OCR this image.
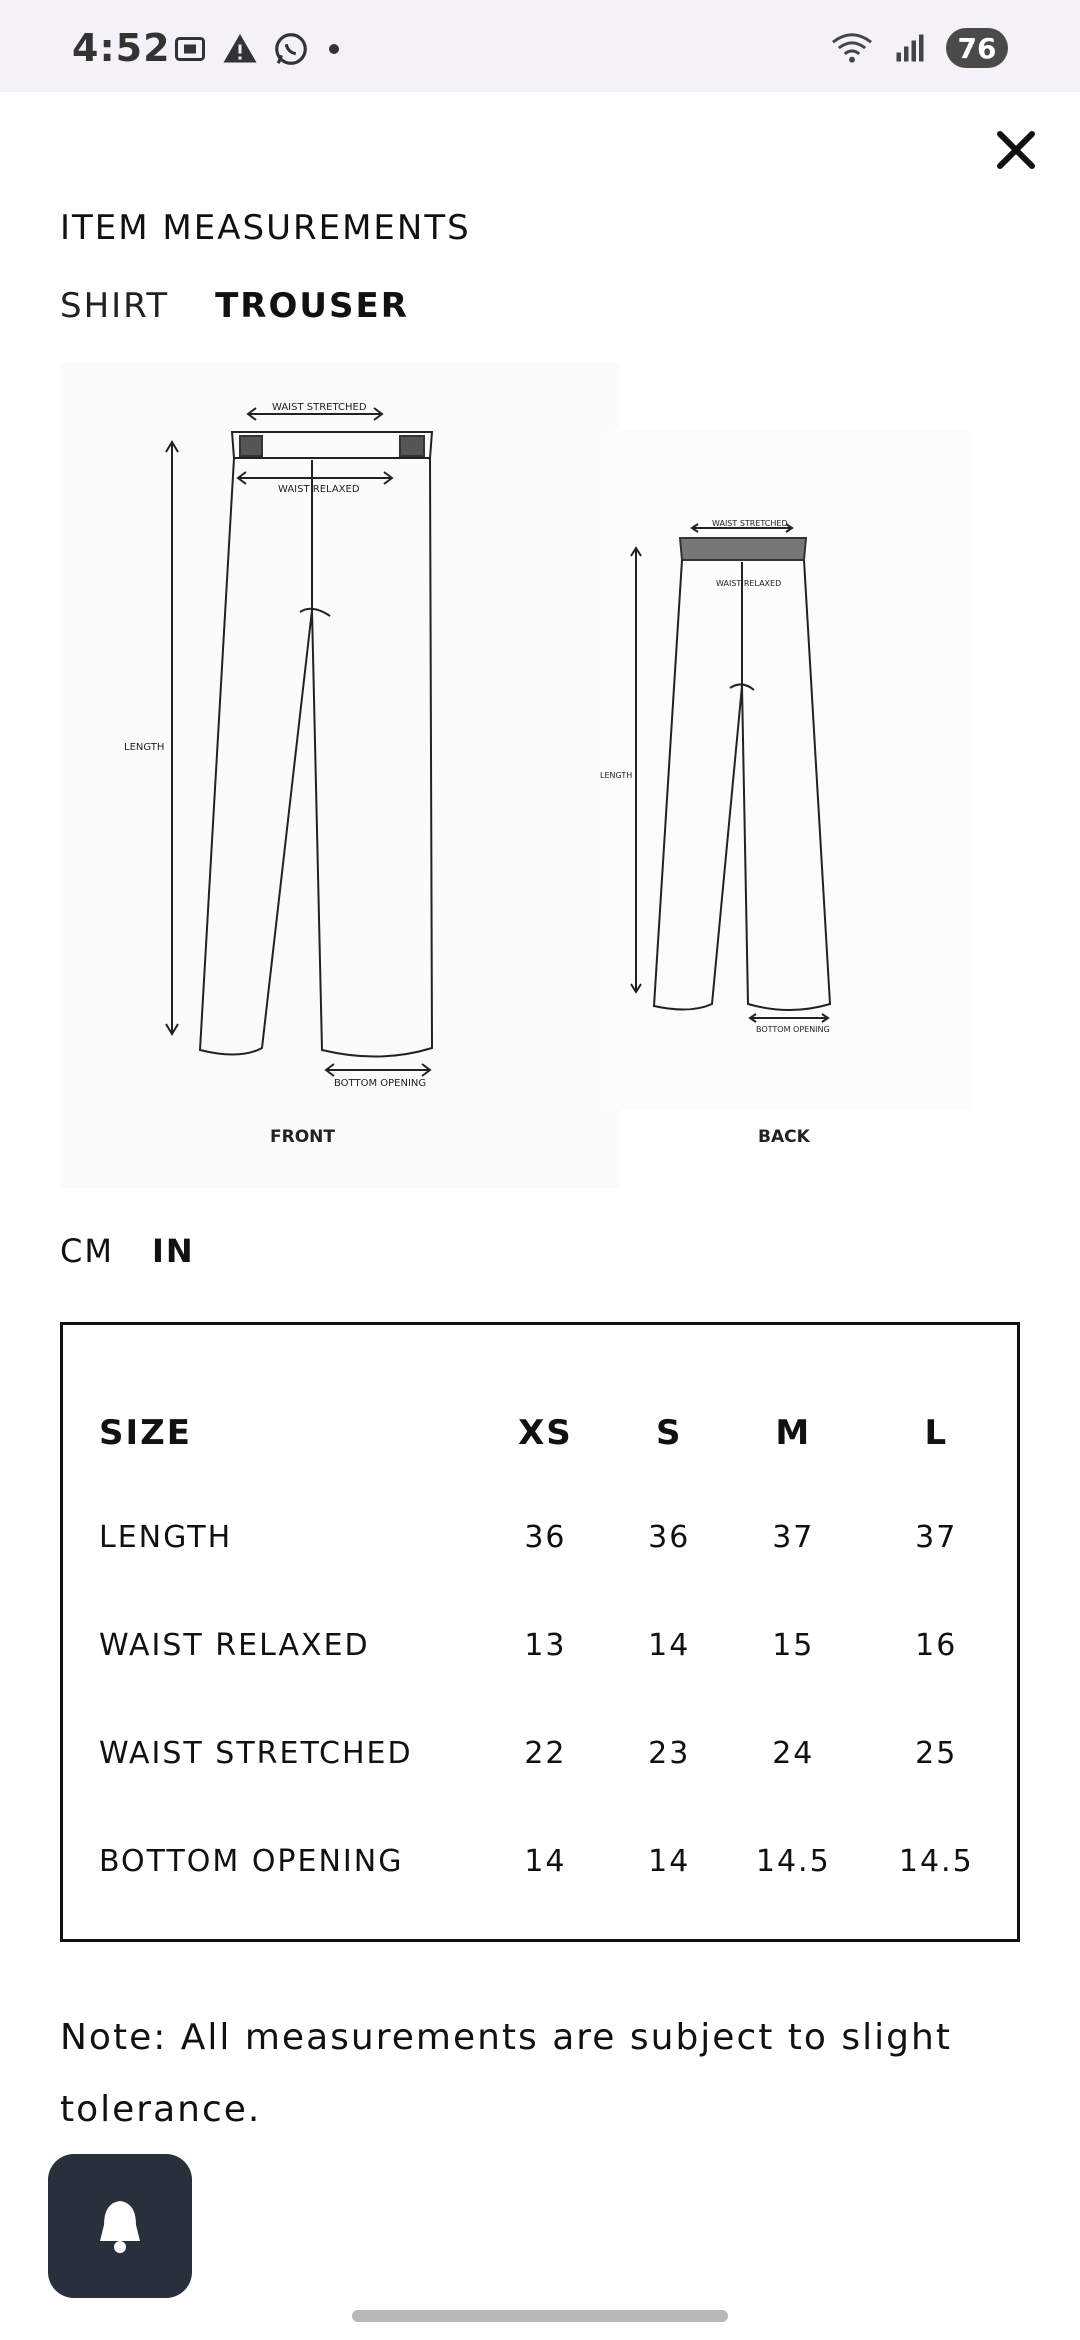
4:52	76
ITEM MEASUREMENTS
SHIRT TROUSER
WAIST STRETCHED
WAIST RELAXED
LENGTH
BOTTOM OPENING
FRONT
WAIST STRETCHED
WAIST RELAXED
LENGTH
BOTTOM OPENING
BACK
CM IN
SIZE	XS	S	M	L
LENGTH	36	36	37	37
WAIST RELAXED	13	14	15	16
WAIST STRETCHED	22	23	24	25
BOTTOM OPENING	14	14	14.5	14.5
Note: All measurements are subject to slight tolerance.
